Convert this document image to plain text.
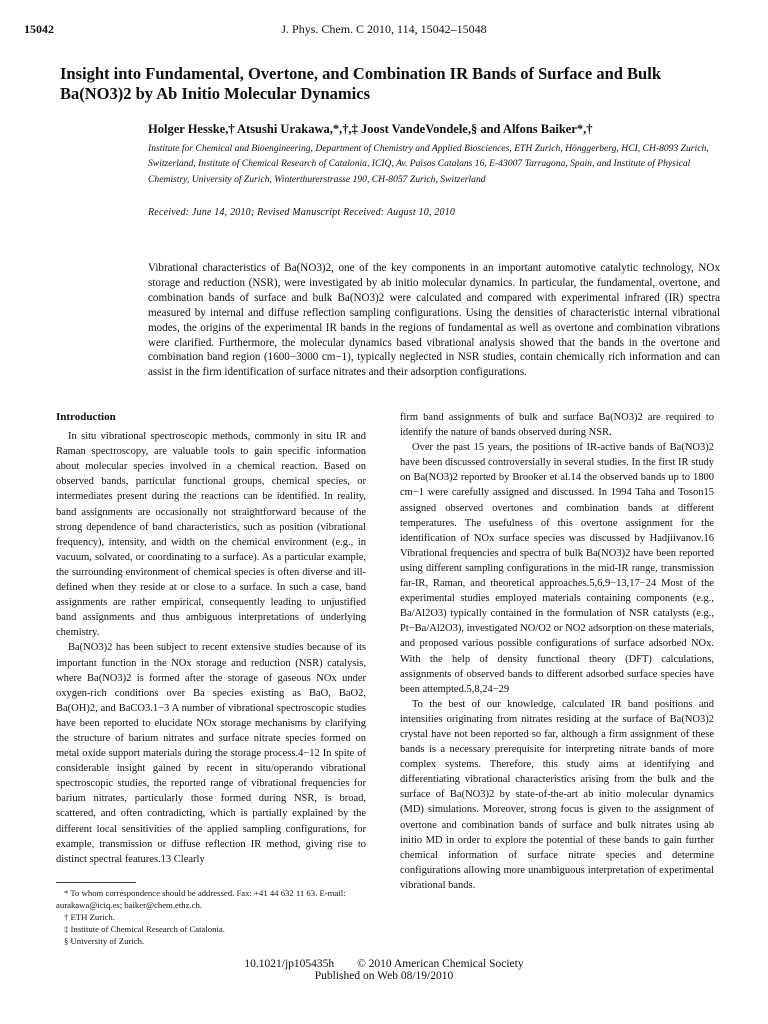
15042	J. Phys. Chem. C 2010, 114, 15042–15048
Insight into Fundamental, Overtone, and Combination IR Bands of Surface and Bulk Ba(NO3)2 by Ab Initio Molecular Dynamics
Holger Hesske,† Atsushi Urakawa,*,†,‡ Joost VandeVondele,§ and Alfons Baiker*,†
Institute for Chemical and Bioengineering, Department of Chemistry and Applied Biosciences, ETH Zurich, Hönggerberg, HCI, CH-8093 Zurich, Switzerland, Institute of Chemical Research of Catalonia, ICIQ, Av. Països Catalans 16, E-43007 Tarragona, Spain, and Institute of Physical Chemistry, University of Zurich, Winterthurerstrasse 190, CH-8057 Zurich, Switzerland
Received: June 14, 2010; Revised Manuscript Received: August 10, 2010
Vibrational characteristics of Ba(NO3)2, one of the key components in an important automotive catalytic technology, NOx storage and reduction (NSR), were investigated by ab initio molecular dynamics. In particular, the fundamental, overtone, and combination bands of surface and bulk Ba(NO3)2 were calculated and compared with experimental infrared (IR) spectra measured by internal and diffuse reflection sampling configurations. Using the densities of characteristic internal vibrational modes, the origins of the experimental IR bands in the regions of fundamental as well as overtone and combination vibrations were clarified. Furthermore, the molecular dynamics based vibrational analysis showed that the bands in the overtone and combination band region (1600−3000 cm−1), typically neglected in NSR studies, contain chemically rich information and can assist in the firm identification of surface nitrates and their adsorption configurations.
Introduction

In situ vibrational spectroscopic methods, commonly in situ IR and Raman spectroscopy, are valuable tools to gain specific information about molecular species involved in a chemical reaction. Based on observed bands, particular functional groups, chemical species, or intermediates present during the reactions can be identified. In reality, band assignments are occasionally not straightforward because of the strong dependence of band characteristics, such as position (vibrational frequency), intensity, and width on the chemical environment (e.g., in vacuum, solvated, or coordinating to a surface). As a particular example, the surrounding environment of chemical species is often diverse and ill-defined when they reside at or close to a surface. In such a case, band assignments are rather empirical, consequently leading to unjustified band assignments and thus ambiguous interpretations of underlying chemistry.

Ba(NO3)2 has been subject to recent extensive studies because of its important function in the NOx storage and reduction (NSR) catalysis, where Ba(NO3)2 is formed after the storage of gaseous NOx under oxygen-rich conditions over Ba species existing as BaO, BaO2, Ba(OH)2, and BaCO3.1−3 A number of vibrational spectroscopic studies have been reported to elucidate NOx storage mechanisms by clarifying the structure of barium nitrates and surface nitrate species formed on metal oxide support materials during the storage process.4−12 In spite of considerable insight gained by recent in situ/operando vibrational spectroscopic studies, the reported range of vibrational frequencies for barium nitrates, particularly those formed during NSR, is broad, scattered, and often contradicting, which is partially explained by the different local sensitivities of the applied sampling configurations, for example, transmission or diffuse reflection IR method, giving rise to distinct spectral features.13 Clearly

firm band assignments of bulk and surface Ba(NO3)2 are required to identify the nature of bands observed during NSR.

Over the past 15 years, the positions of IR-active bands of Ba(NO3)2 have been discussed controversially in several studies. In the first IR study on Ba(NO3)2 reported by Brooker et al.14 the observed bands up to 1800 cm−1 were carefully assigned and discussed. In 1994 Taha and Toson15 assigned observed overtones and combination bands at different temperatures. The usefulness of this overtone assignment for the identification of NOx surface species was discussed by Hadjiivanov.16 Vibrational frequencies and spectra of bulk Ba(NO3)2 have been reported using different sampling configurations in the mid-IR range, transmission far-IR, Raman, and theoretical approaches.5,6,9−13,17−24 Most of the experimental studies employed materials containing components (e.g., Ba/Al2O3) typically contained in the formulation of NSR catalysts (e.g., Pt−Ba/Al2O3), investigated NO/O2 or NO2 adsorption on these materials, and proposed various possible configurations of surface adsorbed NOx. With the help of density functional theory (DFT) calculations, assignments of observed bands to different adsorbed surface species have been attempted.5,8,24−29

To the best of our knowledge, calculated IR band positions and intensities originating from nitrates residing at the surface of Ba(NO3)2 crystal have not been reported so far, although a firm assignment of these bands is a necessary prerequisite for interpreting nitrate bands of more complex systems. Therefore, this study aims at identifying and differentiating vibrational characteristics arising from the bulk and the surface of Ba(NO3)2 by state-of-the-art ab initio molecular dynamics (MD) simulations. Moreover, strong focus is given to the assignment of overtone and combination bands of surface and bulk nitrates using ab initio MD in order to explore the potential of these bands to gain further chemical information of surface nitrate species and determine configurations allowing more unambiguous interpretation of experimental vibrational bands.

* To whom correspondence should be addressed. Fax: +41 44 632 11 63. E-mail: aurakawa@iciq.es; baiker@chem.ethz.ch.
† ETH Zurich.
‡ Institute of Chemical Research of Catalonia.
§ University of Zurich.
10.1021/jp105435h © 2010 American Chemical Society
Published on Web 08/19/2010
